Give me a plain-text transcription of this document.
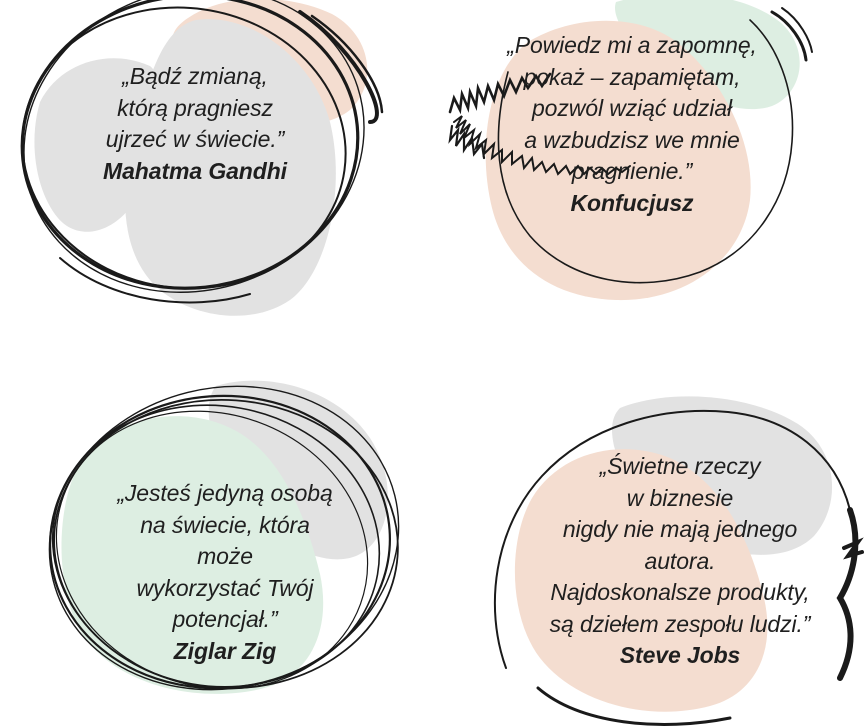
„Bądź zmianą,
którą pragniesz
ujrzeć w świecie.”
Mahatma Gandhi
„Powiedz mi a zapomnę,
pokaż – zapamiętam,
pozwól wziąć udział
a wzbudzisz we mnie
pragnienie.”
Konfucjusz
„Jesteś jedyną osobą
na świecie, która
może
wykorzystać Twój
potencjał.”
Ziglar Zig
„Świetne rzeczy
w biznesie
nigdy nie mają jednego
autora.
Najdoskonalsze produkty,
są dziełem zespołu ludzi.”
Steve Jobs
